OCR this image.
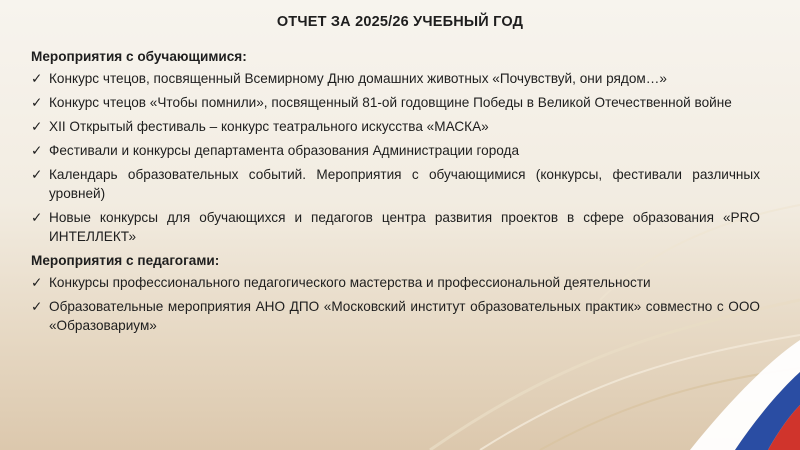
ОТЧЕТ ЗА 2025/26 УЧЕБНЫЙ ГОД
Мероприятия с обучающимися:
✓ Конкурс чтецов, посвященный Всемирному Дню домашних животных «Почувствуй, они рядом…»
✓ Конкурс чтецов «Чтобы помнили», посвященный 81-ой годовщине Победы в Великой Отечественной войне
✓ XII Открытый фестиваль – конкурс театрального искусства «МАСКА»
✓ Фестивали и конкурсы департамента образования Администрации города
✓ Календарь образовательных событий. Мероприятия с обучающимися (конкурсы, фестивали различных уровней)
✓ Новые конкурсы для обучающихся и педагогов центра развития проектов в сфере образования «PRO ИНТЕЛЛЕКТ»
Мероприятия с педагогами:
✓ Конкурсы профессионального педагогического мастерства и профессиональной деятельности
✓ Образовательные мероприятия АНО ДПО «Московский институт образовательных практик» совместно с ООО «Образовариум»
